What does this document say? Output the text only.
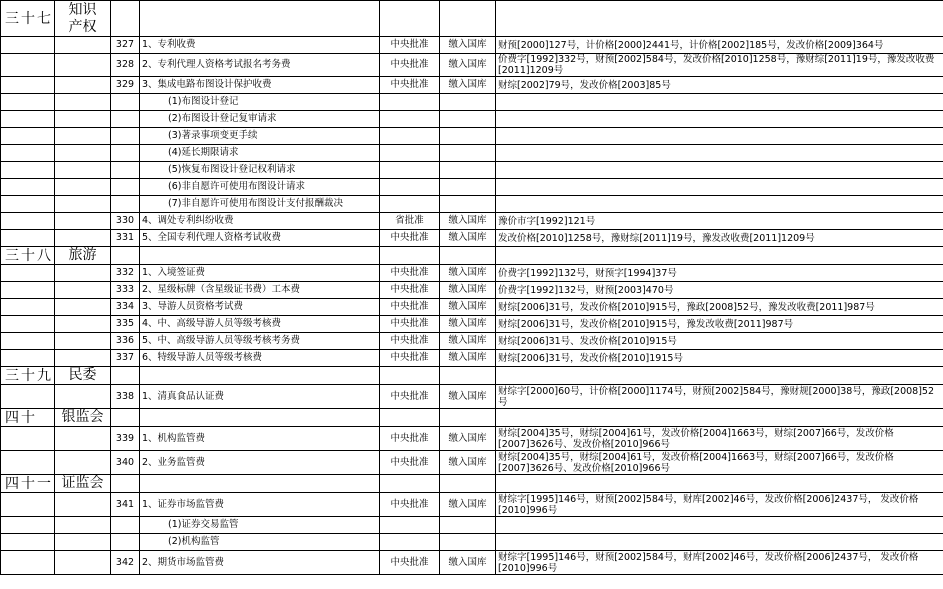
三十七	知识
产权					
		327	1、专利收费	中央批准	缴入国库	财预[2000]127号，计价格[2000]2441号，计价格[2002]185号，发改价格[2009]364号
		328	2、专利代理人资格考试报名考务费	中央批准	缴入国库	价费字[1992]332号，财预[2002]584号，发改价格[2010]1258号，豫财综[2011]19号，豫发改收费[2011]1209号
		329	3、集成电路布图设计保护收费	中央批准	缴入国库	财综[2002]79号，发改价格[2003]85号
			(1)布图设计登记			
			(2)布图设计登记复审请求			
			(3)著录事项变更手续			
			(4)延长期限请求			
			(5)恢复布图设计登记权利请求			
			(6)非自愿许可使用布图设计请求			
			(7)非自愿许可使用布图设计支付报酬裁决			
		330	4、调处专利纠纷收费	省批准	缴入国库	豫价市字[1992]121号
		331	5、全国专利代理人资格考试收费	中央批准	缴入国库	发改价格[2010]1258号，豫财综[2011]19号，豫发改收费[2011]1209号
三十八	旅游					
		332	1、入境签证费	中央批准	缴入国库	价费字[1992]132号，财预字[1994]37号
		333	2、星级标牌（含星级证书费）工本费	中央批准	缴入国库	价费字[1992]132号，财预[2003]470号
		334	3、导游人员资格考试费	中央批准	缴入国库	财综[2006]31号，发改价格[2010]915号，豫政[2008]52号，豫发改收费[2011]987号
		335	4、中、高级导游人员等级考核费	中央批准	缴入国库	财综[2006]31号，发改价格[2010]915号，豫发改收费[2011]987号
		336	5、中、高级导游人员等级考核考务费	中央批准	缴入国库	财综[2006]31号、发改价格[2010]915号
		337	6、特级导游人员等级考核费	中央批准	缴入国库	财综[2006]31号，发改价格[2010]1915号
三十九	民委					
		338	1、清真食品认证费	中央批准	缴入国库	财综字[2000]60号，计价格[2000]1174号，财预[2002]584号，豫财规[2000]38号，豫政[2008]52号
四十	银监会					
		339	1、机构监管费	中央批准	缴入国库	财综[2004]35号，财综[2004]61号，发改价格[2004]1663号，财综[2007]66号，发改价格[2007]3626号、发改价格[2010]966号
		340	2、业务监管费	中央批准	缴入国库	财综[2004]35号，财综[2004]61号，发改价格[2004]1663号，财综[2007]66号，发改价格[2007]3626号、发改价格[2010]966号
四十一	证监会					
		341	1、证券市场监管费	中央批准	缴入国库	财综字[1995]146号，财预[2002]584号，财库[2002]46号，发改价格[2006]2437号， 发改价格[2010]996号
			(1)证券交易监管			
			(2)机构监管			
		342	2、期货市场监管费	中央批准	缴入国库	财综字[1995]146号，财预[2002]584号，财库[2002]46号，发改价格[2006]2437号， 发改价格[2010]996号
